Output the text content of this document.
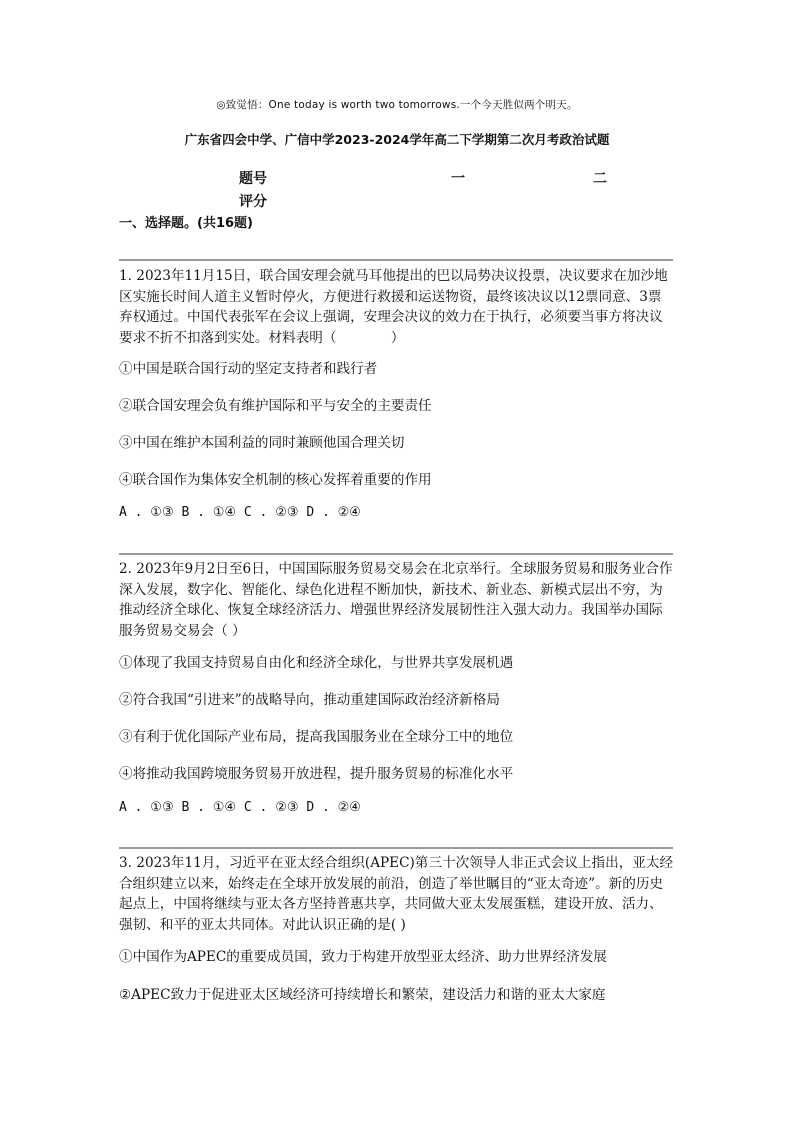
◎致觉悟：One today is worth two tomorrows.一个今天胜似两个明天。
广东省四会中学、广信中学2023-2024学年高二下学期第二次月考政治试题
题号
评分
一	二
一、选择题。(共16题)

1. 2023年11月15日，联合国安理会就马耳他提出的巴以局势决议投票，决议要求在加沙地区实施长时间人道主义暂时停火，方便进行救援和运送物资，最终该决议以12票同意、3票弃权通过。中国代表张军在会议上强调，安理会决议的效力在于执行，必须要当事方将决议要求不折不扣落到实处。材料表明（　　　　）

①中国是联合国行动的坚定支持者和践行者
②联合国安理会负有维护国际和平与安全的主要责任
③中国在维护本国利益的同时兼顾他国合理关切
④联合国作为集体安全机制的核心发挥着重要的作用
A . ①③ B . ①④ C . ②③ D . ②④

2. 2023年9月2日至6日，中国国际服务贸易交易会在北京举行。全球服务贸易和服务业合作深入发展，数字化、智能化、绿色化进程不断加快，新技术、新业态、新模式层出不穷，为推动经济全球化、恢复全球经济活力、增强世界经济发展韧性注入强大动力。我国举办国际服务贸易交易会（ ）

①体现了我国支持贸易自由化和经济全球化，与世界共享发展机遇
②符合我国“引进来”的战略导向，推动重建国际政治经济新格局
③有利于优化国际产业布局，提高我国服务业在全球分工中的地位
④将推动我国跨境服务贸易开放进程，提升服务贸易的标准化水平
A . ①③ B . ①④ C . ②③ D . ②④

3. 2023年11月，习近平在亚太经合组织(APEC)第三十次领导人非正式会议上指出，亚太经合组织建立以来，始终走在全球开放发展的前沿，创造了举世瞩目的“亚太奇迹”。新的历史起点上，中国将继续与亚太各方坚持普惠共享，共同做大亚太发展蛋糕，建设开放、活力、强韧、和平的亚太共同体。对此认识正确的是( )

①中国作为APEC的重要成员国，致力于构建开放型亚太经济、助力世界经济发展
②APEC致力于促进亚太区域经济可持续增长和繁荣，建设活力和谐的亚太大家庭
